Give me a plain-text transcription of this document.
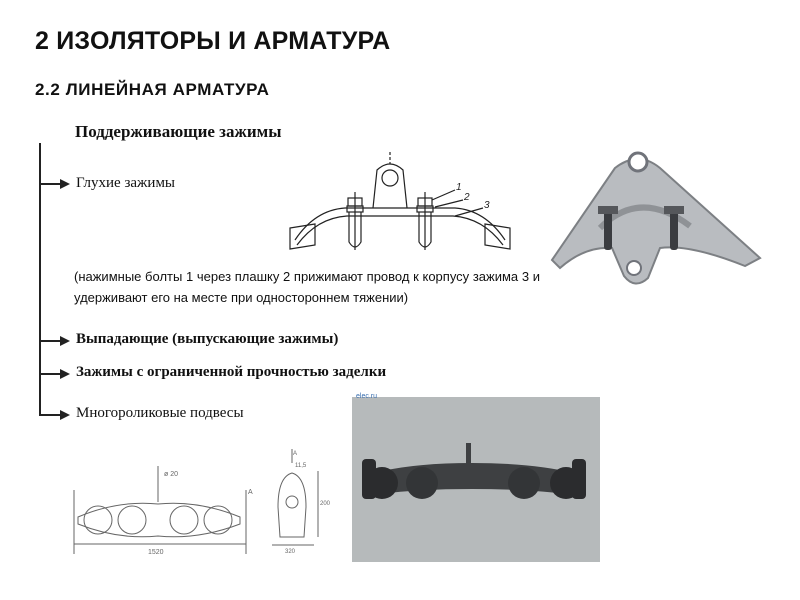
2 ИЗОЛЯТОРЫ И АРМАТУРА
2.2 ЛИНЕЙНАЯ АРМАТУРА
Поддерживающие зажимы
Глухие зажимы
Выпадающие (выпускающие зажимы)
Зажимы с ограниченной прочностью заделки
Многороликовые подвесы
(нажимные болты 1 через плашку 2 прижимают провод к корпусу зажима 3 и удерживают его на месте при одностороннем тяжении)
1
2
3
1520
ø 20
A
320
200
A
11,5
elec.ru
